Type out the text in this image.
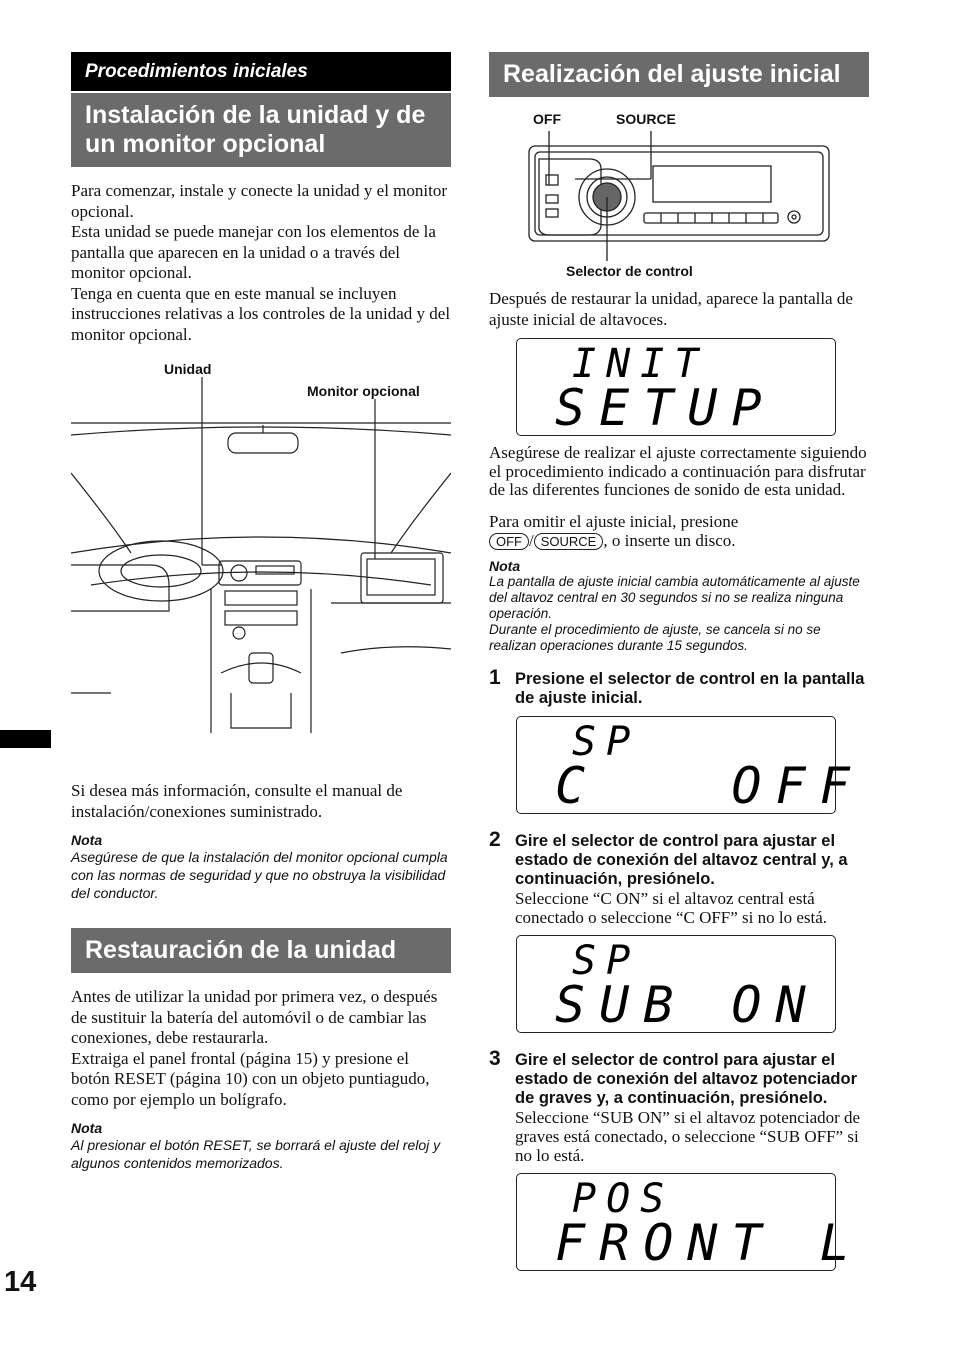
14
Procedimientos iniciales
Instalación de la unidad y de un monitor opcional

Para comenzar, instale y conecte la unidad y el monitor opcional.

Esta unidad se puede manejar con los elementos de la pantalla que aparecen en la unidad o a través del monitor opcional.

Tenga en cuenta que en este manual se incluyen instrucciones relativas a los controles de la unidad y del monitor opcional.

Unidad
Monitor opcional

Si desea más información, consulte el manual de instalación/conexiones suministrado.

Nota

Asegúrese de que la instalación del monitor opcional cumpla con las normas de seguridad y que no obstruya la visibilidad del conductor.

Restauración de la unidad

Antes de utilizar la unidad por primera vez, o después de sustituir la batería del automóvil o de cambiar las conexiones, debe restaurarla.

Extraiga el panel frontal (página 15) y presione el botón RESET (página 10) con un objeto puntiagudo, como por ejemplo un bolígrafo.

Nota

Al presionar el botón RESET, se borrará el ajuste del reloj y algunos contenidos memorizados.

Realización del ajuste inicial
OFF	SOURCE
Selector de control

Después de restaurar la unidad, aparece la pantalla de ajuste inicial de altavoces.

INIT
SETUP

Asegúrese de realizar el ajuste correctamente siguiendo el procedimiento indicado a continuación para disfrutar de las diferentes funciones de sonido de esta unidad.

Para omitir el ajuste inicial, presione
OFF / SOURCE , o inserte un disco.

Nota

La pantalla de ajuste inicial cambia automáticamente al ajuste del altavoz central en 30 segundos si no se realiza ninguna operación.

Durante el procedimiento de ajuste, se cancela si no se realizan operaciones durante 15 segundos.

1 Presione el selector de control en la pantalla de ajuste inicial.
SP
C   OFF
2 Gire el selector de control para ajustar el estado de conexión del altavoz central y, a continuación, presiónelo.

Seleccione “C ON” si el altavoz central está conectado o seleccione “C OFF” si no lo está.

SP
SUB ON
3 Gire el selector de control para ajustar el estado de conexión del altavoz potenciador de graves y, a continuación, presiónelo.

Seleccione “SUB ON” si el altavoz potenciador de graves está conectado, o seleccione “SUB OFF” si no lo está.

POS
FRONT L
